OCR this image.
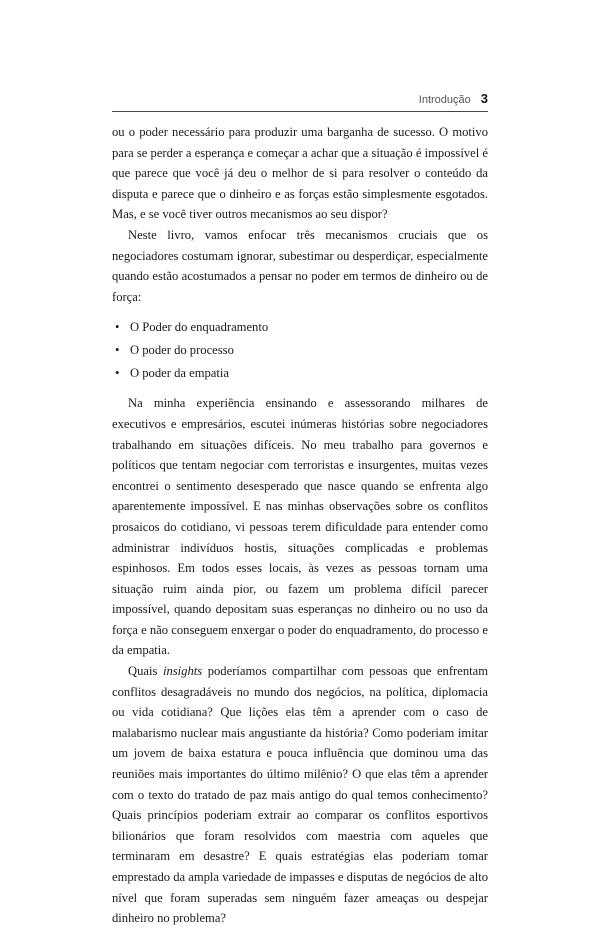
Introdução 3

ou o poder necessário para produzir uma barganha de sucesso. O motivo para se perder a esperança e começar a achar que a situação é impossível é que parece que você já deu o melhor de si para resolver o conteúdo da disputa e parece que o dinheiro e as forças estão simplesmente esgotados. Mas, e se você tiver outros mecanismos ao seu dispor?

Neste livro, vamos enfocar três mecanismos cruciais que os negociadores costumam ignorar, subestimar ou desperdiçar, especialmente quando estão acostumados a pensar no poder em termos de dinheiro ou de força:

• O Poder do enquadramento
• O poder do processo
• O poder da empatia

Na minha experiência ensinando e assessorando milhares de executivos e empresários, escutei inúmeras histórias sobre negociadores trabalhando em situações difíceis. No meu trabalho para governos e políticos que tentam negociar com terroristas e insurgentes, muitas vezes encontrei o sentimento desesperado que nasce quando se enfrenta algo aparentemente impossível. E nas minhas observações sobre os conflitos prosaicos do cotidiano, vi pessoas terem dificuldade para entender como administrar indivíduos hostis, situações complicadas e problemas espinhosos. Em todos esses locais, às vezes as pessoas tornam uma situação ruim ainda pior, ou fazem um problema difícil parecer impossível, quando depositam suas esperanças no dinheiro ou no uso da força e não conseguem enxergar o poder do enquadramento, do processo e da empatia.

Quais insights poderíamos compartilhar com pessoas que enfrentam conflitos desagradáveis no mundo dos negócios, na política, diplomacia ou vida cotidiana? Que lições elas têm a aprender com o caso de malabarismo nuclear mais angustiante da história? Como poderiam imitar um jovem de baixa estatura e pouca influência que dominou uma das reuniões mais importantes do último milênio? O que elas têm a aprender com o texto do tratado de paz mais antigo do qual temos conhecimento? Quais princípios poderiam extrair ao comparar os conflitos esportivos bilionários que foram resolvidos com maestria com aqueles que terminaram em desastre? E quais estratégias elas poderiam tomar emprestado da ampla variedade de impasses e disputas de negócios de alto nível que foram superadas sem ninguém fazer ameaças ou despejar dinheiro no problema?
